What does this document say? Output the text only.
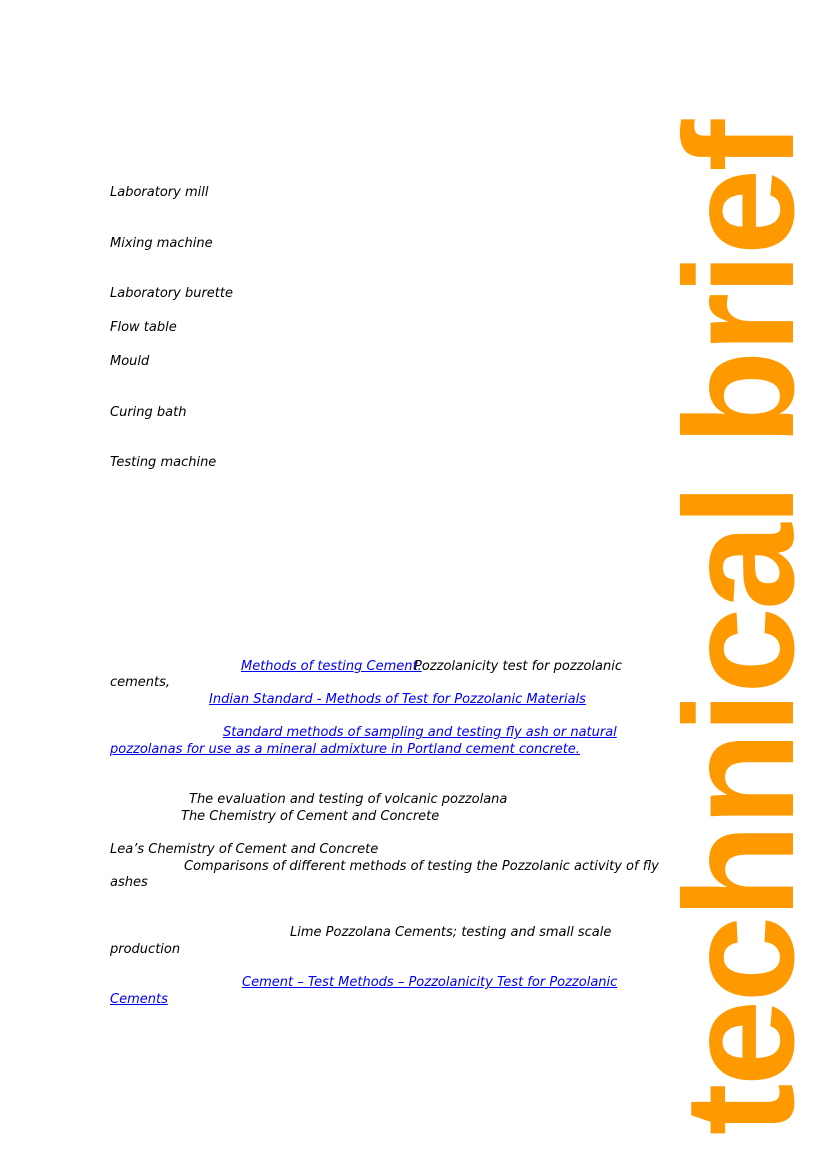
Laboratory mill
Mixing machine
Laboratory burette
Flow table
Mould
Curing bath
Testing machine
Methods of testing Cement.
Pozzolanicity test for pozzolanic
cements,
Indian Standard - Methods of Test for Pozzolanic Materials
Standard methods of sampling and testing fly ash or natural
pozzolanas for use as a mineral admixture in Portland cement concrete.
The evaluation and testing of volcanic pozzolana
The Chemistry of Cement and Concrete
Lea’s Chemistry of Cement and Concrete
Comparisons of different methods of testing the Pozzolanic activity of fly
ashes
Lime Pozzolana Cements; testing and small scale
production
Cement – Test Methods – Pozzolanicity Test for Pozzolanic
Cements	technical brief
